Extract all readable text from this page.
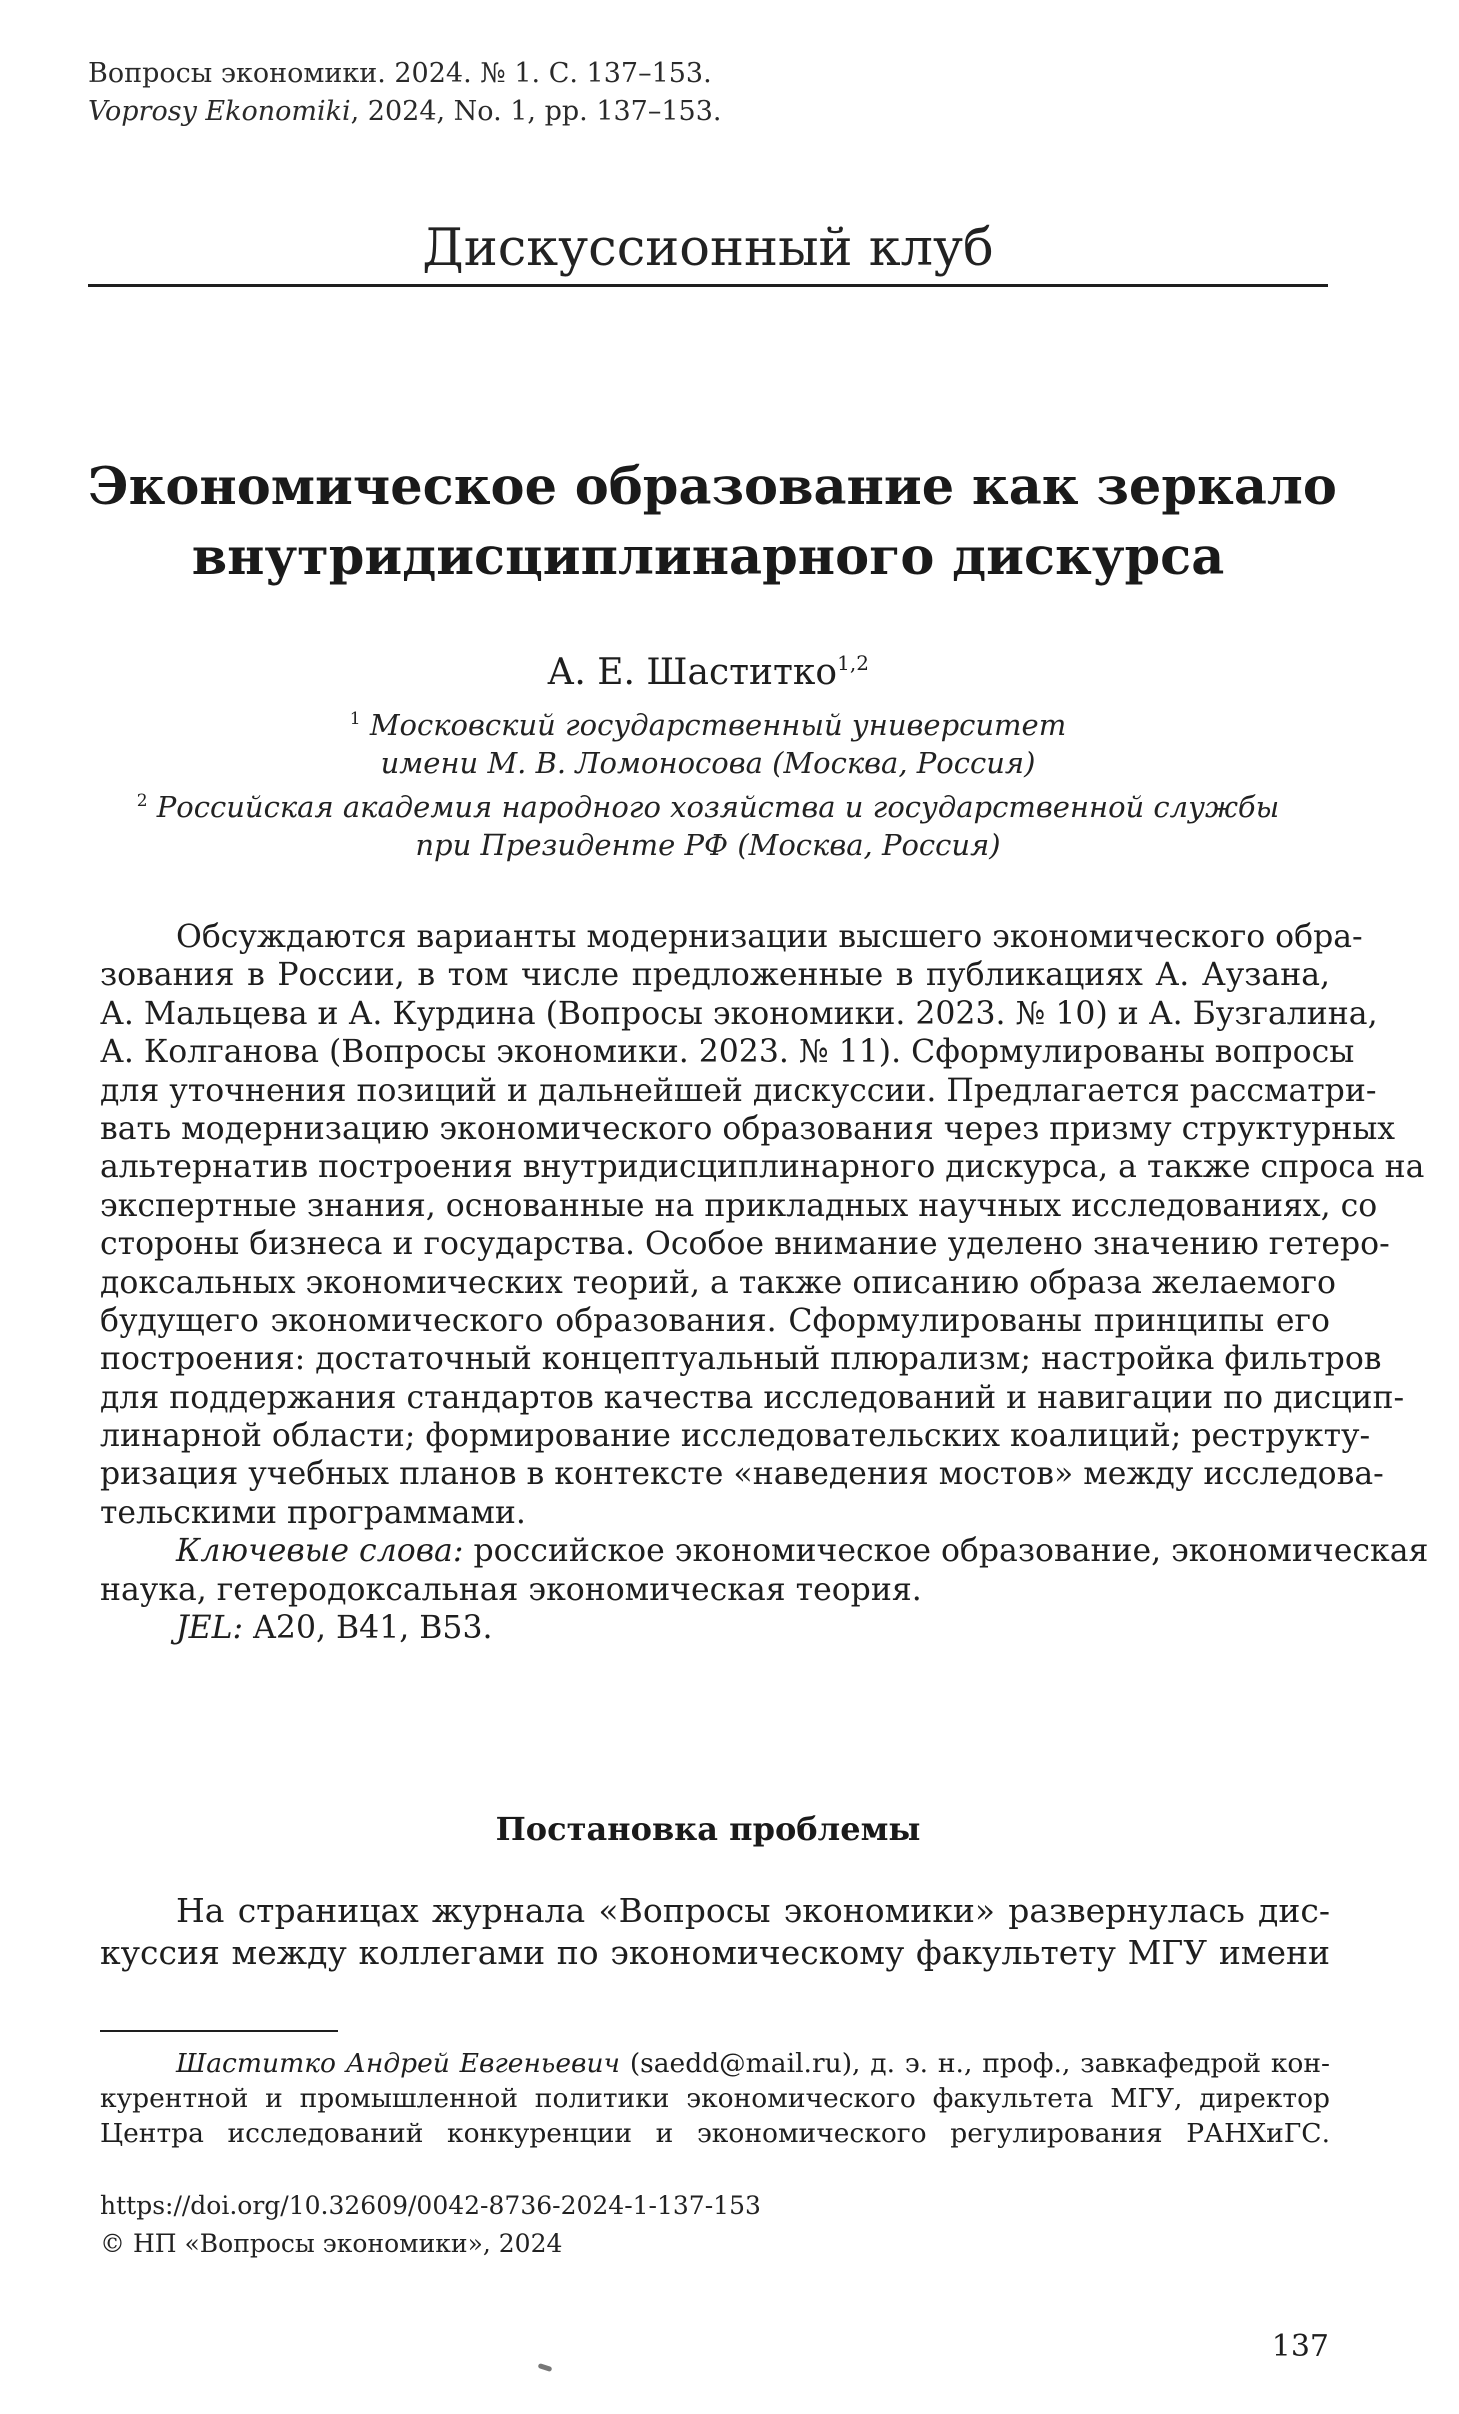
Вопросы экономики. 2024. № 1. С. 137–153.
Voprosy Ekonomiki, 2024, No. 1, pp. 137–153.
Дискуссионный клуб
Экономическое образование как зеркало
внутридисциплинарного дискурса
А. Е. Шаститко$^{1,2}$
$^1$ Московский государственный университет
имени М. В. Ломоносова (Москва, Россия)
$^2$ Российская академия народного хозяйства и государственной службы
при Президенте РФ (Москва, Россия)
Обсуждаются варианты модернизации высшего экономического обра-
зования в России, в том числе предложенные в публикациях А. Аузана,
А. Мальцева и А. Курдина (Вопросы экономики. 2023. № 10) и А. Бузгалина,
А. Колганова (Вопросы экономики. 2023. № 11). Сформулированы вопросы
для уточнения позиций и дальнейшей дискуссии. Предлагается рассматри-
вать модернизацию экономического образования через призму структурных
альтернатив построения внутридисциплинарного дискурса, а также спроса на
экспертные знания, основанные на прикладных научных исследованиях, со
стороны бизнеса и государства. Особое внимание уделено значению гетеро-
доксальных экономических теорий, а также описанию образа желаемого
будущего экономического образования. Сформулированы принципы его
построения: достаточный концептуальный плюрализм; настройка фильтров
для поддержания стандартов качества исследований и навигации по дисцип-
линарной области; формирование исследовательских коалиций; реструкту-
ризация учебных планов в контексте «наведения мостов» между исследова-
тельскими программами.
Ключевые слова: российское экономическое образование, экономическая
наука, гетеродоксальная экономическая теория.
JEL: A20, B41, B53.
Постановка проблемы
На страницах журнала «Вопросы экономики» развернулась дис-
куссия между коллегами по экономическому факультету МГУ имени
Шаститко Андрей Евгеньевич (saedd@mail.ru), д. э. н., проф., завкафедрой кон-
курентной и промышленной политики экономического факультета МГУ, директор
Центра исследований конкуренции и экономического регулирования РАНХиГС.
https://doi.org/10.32609/0042-8736-2024-1-137-153
© НП «Вопросы экономики», 2024
137
